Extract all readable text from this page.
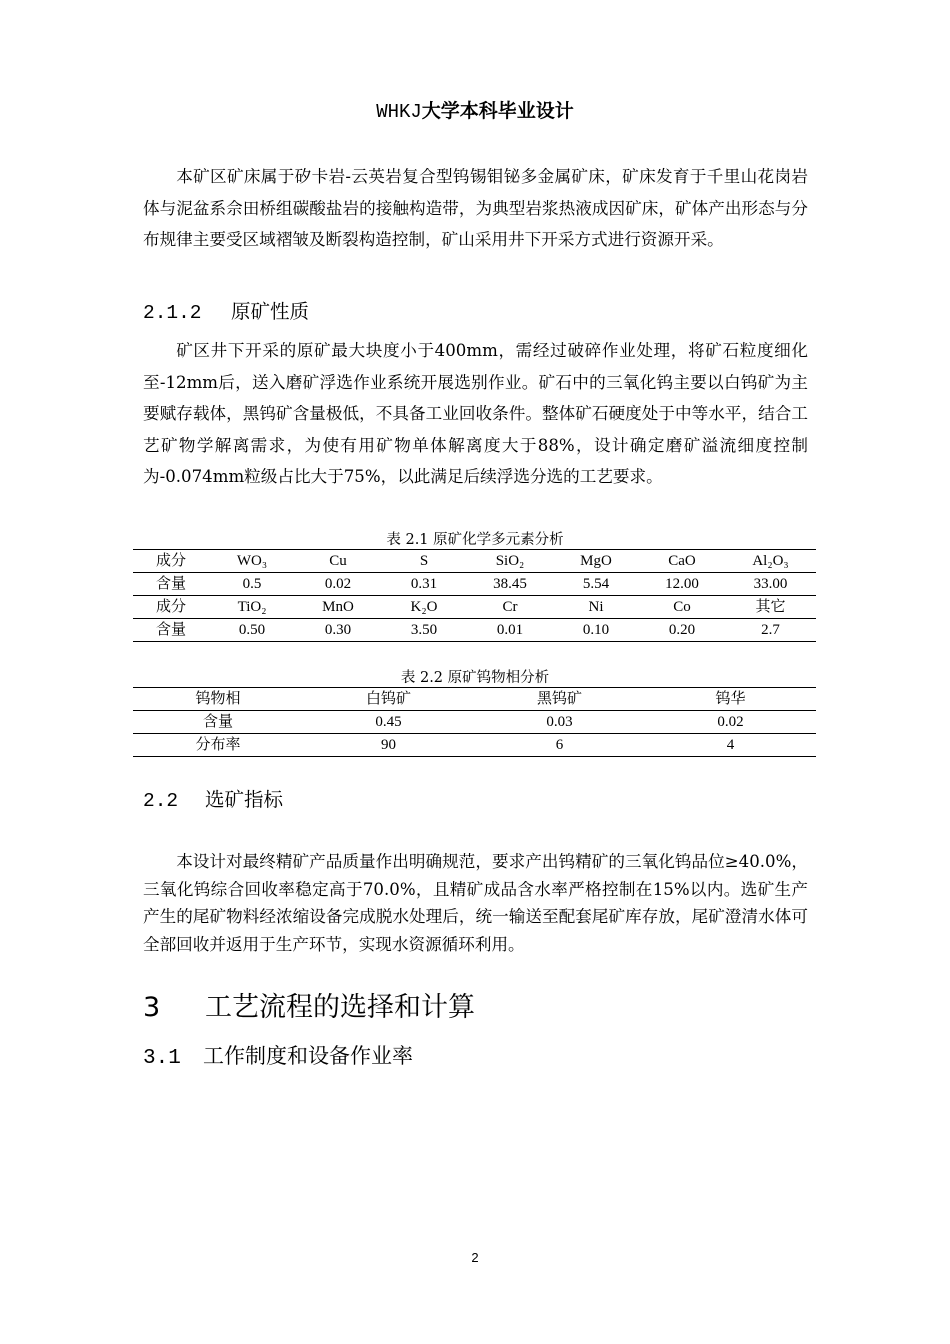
WHKJ大学本科毕业设计

本矿区矿床属于矽卡岩-云英岩复合型钨锡钼铋多金属矿床，矿床发育于千里山花岗岩体与泥盆系佘田桥组碳酸盐岩的接触构造带，为典型岩浆热液成因矿床，矿体产出形态与分布规律主要受区域褶皱及断裂构造控制，矿山采用井下开采方式进行资源开采。

2.1.2 原矿性质

矿区井下开采的原矿最大块度小于400mm，需经过破碎作业处理，将矿石粒度细化至-12mm后，送入磨矿浮选作业系统开展选别作业。矿石中的三氧化钨主要以白钨矿为主要赋存载体，黑钨矿含量极低，不具备工业回收条件。整体矿石硬度处于中等水平，结合工艺矿物学解离需求，为使有用矿物单体解离度大于88%，设计确定磨矿溢流细度控制为-0.074mm粒级占比大于75%，以此满足后续浮选分选的工艺要求。

表 2.1 原矿化学多元素分析
成分	WO₃	Cu	S	SiO₂	MgO	CaO	Al₂O₃
含量	0.5	0.02	0.31	38.45	5.54	12.00	33.00
成分	TiO₂	MnO	K₂O	Cr	Ni	Co	其它
含量	0.50	0.30	3.50	0.01	0.10	0.20	2.7
表 2.2 原矿钨物相分析
钨物相	白钨矿	黑钨矿	钨华
含量	0.45	0.03	0.02
分布率	90	6	4
2.2 选矿指标

本设计对最终精矿产品质量作出明确规范，要求产出钨精矿的三氧化钨品位≥40.0%，三氧化钨综合回收率稳定高于70.0%，且精矿成品含水率严格控制在15%以内。选矿生产产生的尾矿物料经浓缩设备完成脱水处理后，统一输送至配套尾矿库存放，尾矿澄清水体可全部回收并返用于生产环节，实现水资源循环利用。

3 工艺流程的选择和计算
3.1 工作制度和设备作业率
2
